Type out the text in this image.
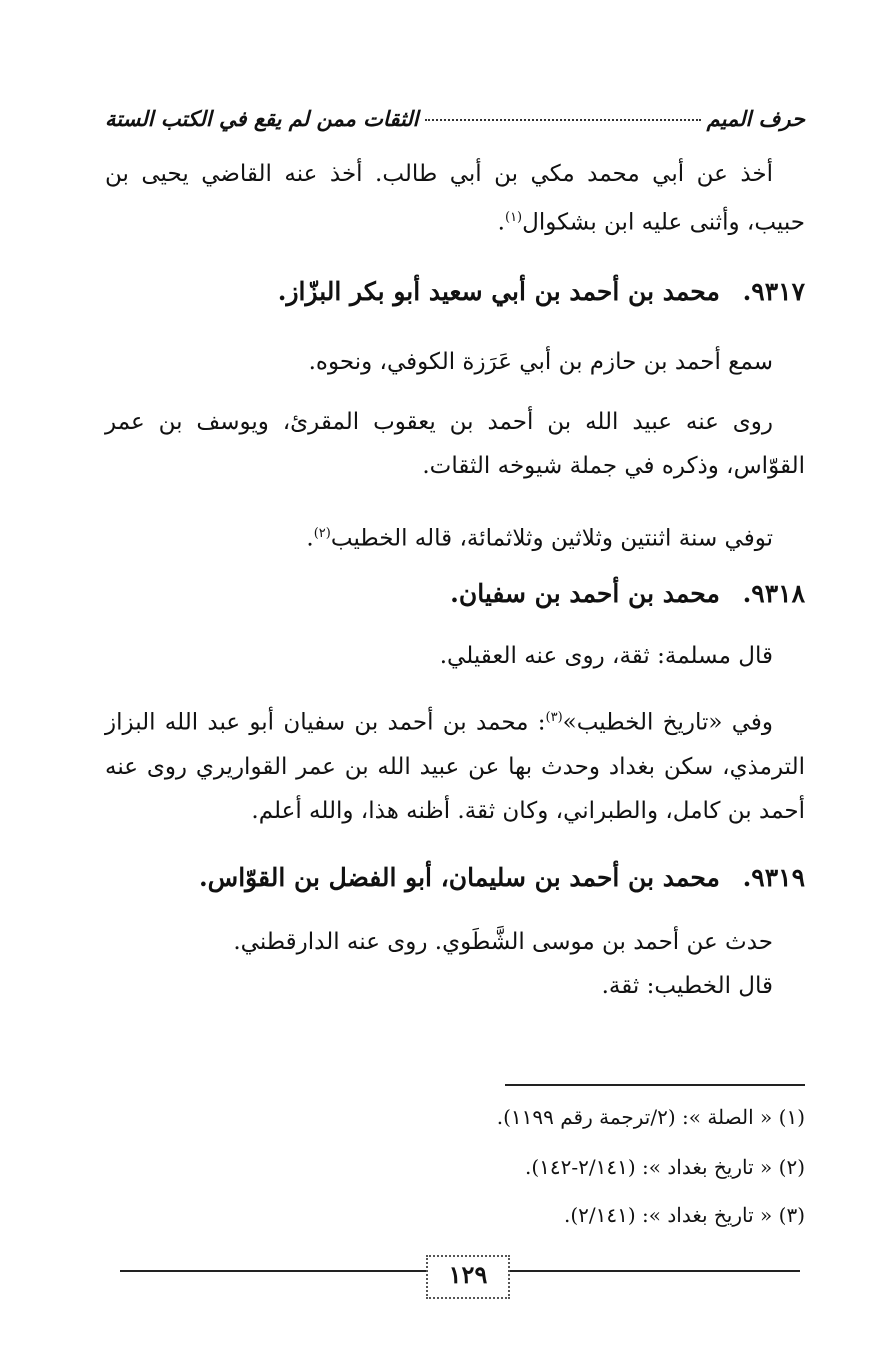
حرف الميم
الثقات ممن لم يقع في الكتب الستة
أخذ عن أبي محمد مكي بن أبي طالب. أخذ عنه القاضي يحيى بن حبيب، وأثنى عليه ابن بشكوال$^{(١)}$.
٩٣١٧. محمد بن أحمد بن أبي سعيد أبو بكر البزّاز.
سمع أحمد بن حازم بن أبي عَرَزة الكوفي، ونحوه.
روى عنه عبيد الله بن أحمد بن يعقوب المقرئ، ويوسف بن عمر القوّاس، وذكره في جملة شيوخه الثقات.
توفي سنة اثنتين وثلاثين وثلاثمائة، قاله الخطيب$^{(٢)}$.
٩٣١٨. محمد بن أحمد بن سفيان.
قال مسلمة: ثقة، روى عنه العقيلي.
وفي «تاريخ الخطيب»$^{(٣)}$: محمد بن أحمد بن سفيان أبو عبد الله البزاز الترمذي، سكن بغداد وحدث بها عن عبيد الله بن عمر القواريري روى عنه أحمد بن كامل، والطبراني، وكان ثقة. أظنه هذا، والله أعلم.
٩٣١٩. محمد بن أحمد بن سليمان، أبو الفضل بن القوّاس.
حدث عن أحمد بن موسى الشَّطَوي. روى عنه الدارقطني.
قال الخطيب: ثقة.
(١) « الصلة »: (٢/ترجمة رقم ١١٩٩).
(٢) « تاريخ بغداد »: (٢/١٤١-١٤٢).
(٣) « تاريخ بغداد »: (٢/١٤١).
١٢٩
